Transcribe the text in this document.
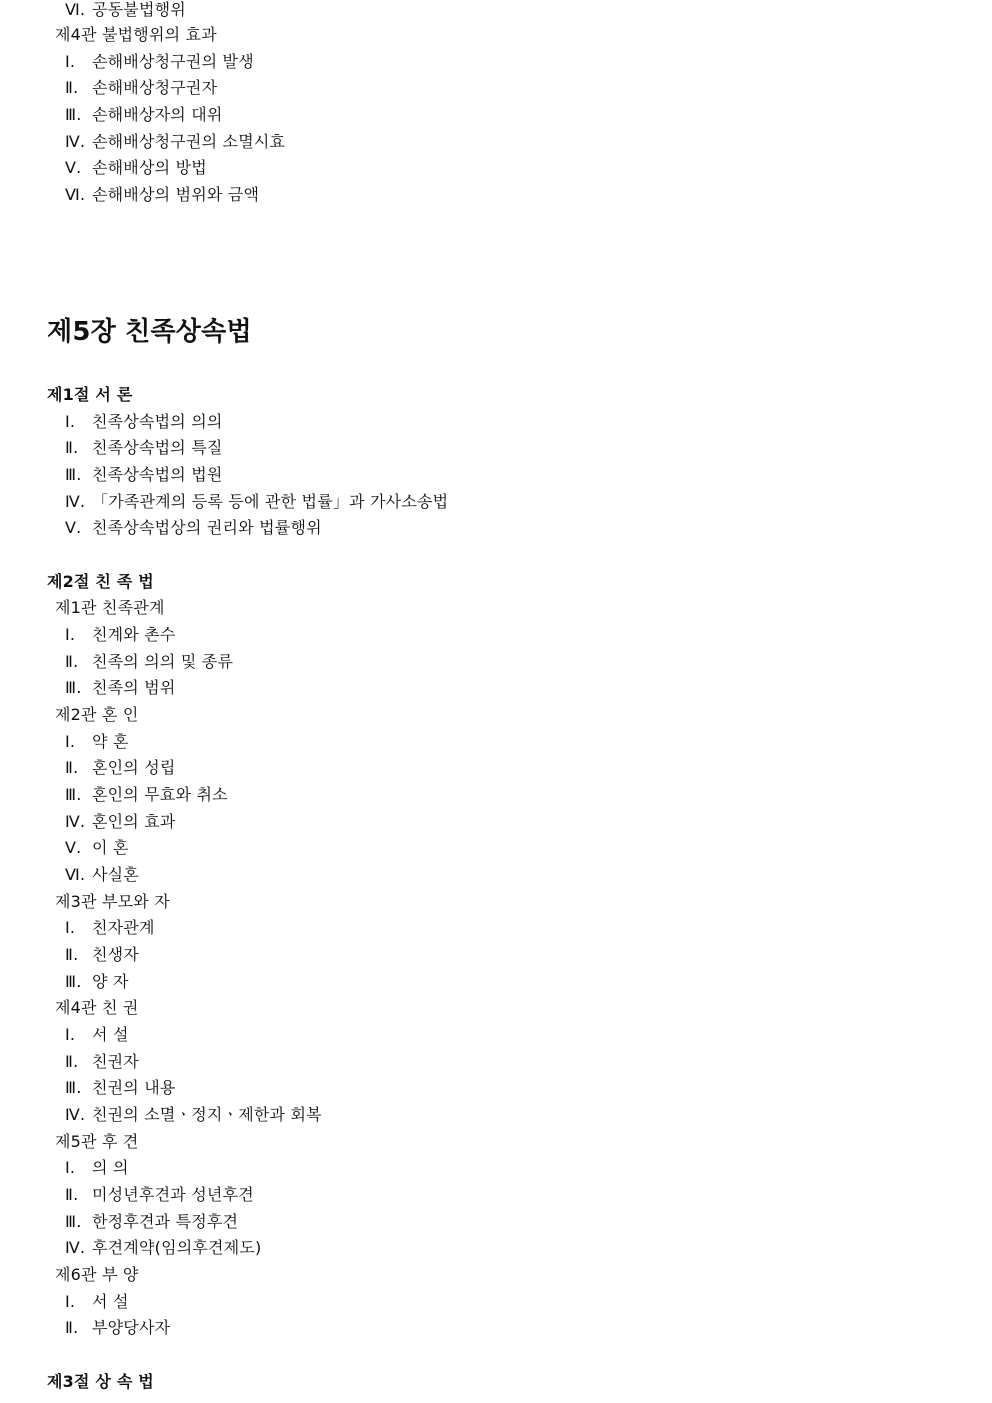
Ⅵ. 공동불법행위
제4관 불법행위의 효과
Ⅰ. 손해배상청구권의 발생
Ⅱ. 손해배상청구권자
Ⅲ. 손해배상자의 대위
Ⅳ. 손해배상청구권의 소멸시효
Ⅴ. 손해배상의 방법
Ⅵ. 손해배상의 범위와 금액
제5장 친족상속법
제1절 서 론
Ⅰ. 친족상속법의 의의
Ⅱ. 친족상속법의 특질
Ⅲ. 친족상속법의 법원
Ⅳ. 「가족관계의 등록 등에 관한 법률」과 가사소송법
Ⅴ. 친족상속법상의 권리와 법률행위
제2절 친 족 법
제1관 친족관계
Ⅰ. 친계와 촌수
Ⅱ. 친족의 의의 및 종류
Ⅲ. 친족의 범위
제2관 혼 인
Ⅰ. 약 혼
Ⅱ. 혼인의 성립
Ⅲ. 혼인의 무효와 취소
Ⅳ. 혼인의 효과
Ⅴ. 이 혼
Ⅵ. 사실혼
제3관 부모와 자
Ⅰ. 친자관계
Ⅱ. 친생자
Ⅲ. 양 자
제4관 친 권
Ⅰ. 서 설
Ⅱ. 친권자
Ⅲ. 친권의 내용
Ⅳ. 친권의 소멸ㆍ정지ㆍ제한과 회복
제5관 후 견
Ⅰ. 의 의
Ⅱ. 미성년후견과 성년후견
Ⅲ. 한정후견과 특정후견
Ⅳ. 후견계약(임의후견제도)
제6관 부 양
Ⅰ. 서 설
Ⅱ. 부양당사자
제3절 상 속 법
